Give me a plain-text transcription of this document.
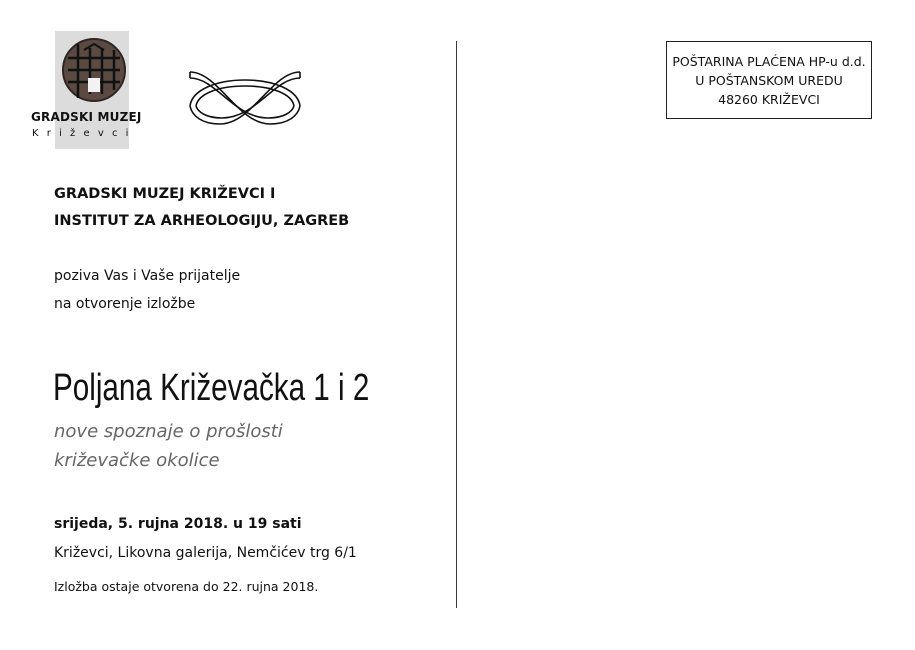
GRADSKI MUZEJ
Križevci
POŠTARINA PLAĆENA HP-u d.d.
U POŠTANSKOM UREDU
48260 KRIŽEVCI
GRADSKI MUZEJ KRIŽEVCI I
INSTITUT ZA ARHEOLOGIJU, ZAGREB
poziva Vas i Vaše prijatelje
na otvorenje izložbe
Poljana Križevačka 1 i 2
nove spoznaje o prošlosti
križevačke okolice
srijeda, 5. rujna 2018. u 19 sati
Križevci, Likovna galerija, Nemčićev trg 6/1
Izložba ostaje otvorena do 22. rujna 2018.
